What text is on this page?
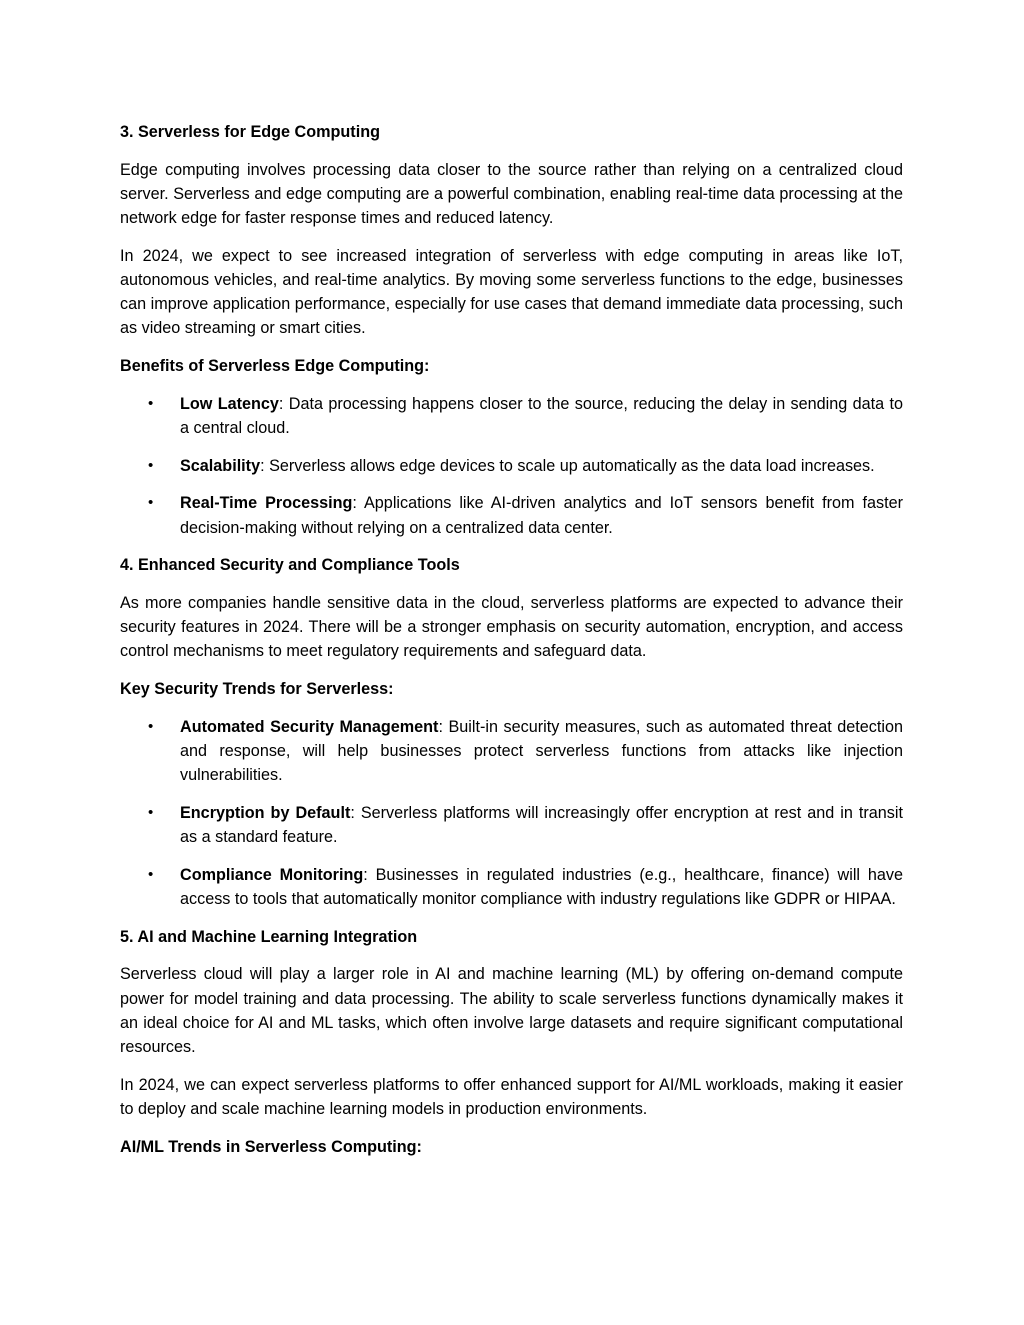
3. Serverless for Edge Computing

Edge computing involves processing data closer to the source rather than relying on a centralized cloud server. Serverless and edge computing are a powerful combination, enabling real-time data processing at the network edge for faster response times and reduced latency.

In 2024, we expect to see increased integration of serverless with edge computing in areas like IoT, autonomous vehicles, and real-time analytics. By moving some serverless functions to the edge, businesses can improve application performance, especially for use cases that demand immediate data processing, such as video streaming or smart cities.

Benefits of Serverless Edge Computing:

• Low Latency: Data processing happens closer to the source, reducing the delay in sending data to a central cloud.
• Scalability: Serverless allows edge devices to scale up automatically as the data load increases.
• Real-Time Processing: Applications like AI-driven analytics and IoT sensors benefit from faster decision-making without relying on a centralized data center.

4. Enhanced Security and Compliance Tools

As more companies handle sensitive data in the cloud, serverless platforms are expected to advance their security features in 2024. There will be a stronger emphasis on security automation, encryption, and access control mechanisms to meet regulatory requirements and safeguard data.

Key Security Trends for Serverless:

• Automated Security Management: Built-in security measures, such as automated threat detection and response, will help businesses protect serverless functions from attacks like injection vulnerabilities.
• Encryption by Default: Serverless platforms will increasingly offer encryption at rest and in transit as a standard feature.
• Compliance Monitoring: Businesses in regulated industries (e.g., healthcare, finance) will have access to tools that automatically monitor compliance with industry regulations like GDPR or HIPAA.

5. AI and Machine Learning Integration

Serverless cloud will play a larger role in AI and machine learning (ML) by offering on-demand compute power for model training and data processing. The ability to scale serverless functions dynamically makes it an ideal choice for AI and ML tasks, which often involve large datasets and require significant computational resources.

In 2024, we can expect serverless platforms to offer enhanced support for AI/ML workloads, making it easier to deploy and scale machine learning models in production environments.

AI/ML Trends in Serverless Computing:
